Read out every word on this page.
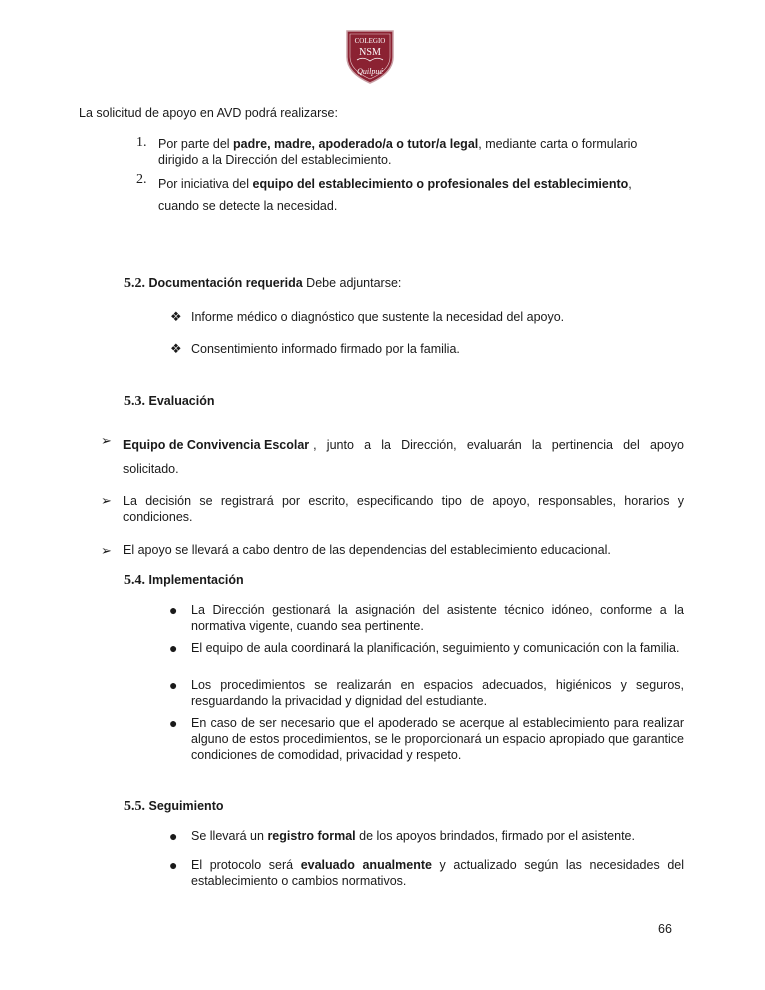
COLEGIO
NSM
Quilpué
La solicitud de apoyo en AVD podrá realizarse:
1. Por parte del padre, madre, apoderado/a o tutor/a legal, mediante carta o formulario
dirigido a la Dirección del establecimiento.
2. Por iniciativa del equipo del establecimiento o profesionales del establecimiento,
cuando se detecte la necesidad.
5.2. Documentación requerida Debe adjuntarse:
❖ Informe médico o diagnóstico que sustente la necesidad del apoyo.
❖ Consentimiento informado firmado por la familia.
5.3. Evaluación
➢ Equipo de Convivencia Escolar , junto a la Dirección, evaluarán la pertinencia del apoyo
solicitado.
➢ La decisión se registrará por escrito, especificando tipo de apoyo, responsables, horarios y condiciones.
➢ El apoyo se llevará a cabo dentro de las dependencias del establecimiento educacional.
5.4. Implementación
● La Dirección gestionará la asignación del asistente técnico idóneo, conforme a la normativa vigente, cuando sea pertinente.
● El equipo de aula coordinará la planificación, seguimiento y comunicación con la familia.
● Los procedimientos se realizarán en espacios adecuados, higiénicos y seguros, resguardando la privacidad y dignidad del estudiante.
● En caso de ser necesario que el apoderado se acerque al establecimiento para realizar alguno de estos procedimientos, se le proporcionará un espacio apropiado que garantice condiciones de comodidad, privacidad y respeto.
5.5. Seguimiento
● Se llevará un registro formal de los apoyos brindados, firmado por el asistente.
● El protocolo será evaluado anualmente y actualizado según las necesidades del establecimiento o cambios normativos.
66
